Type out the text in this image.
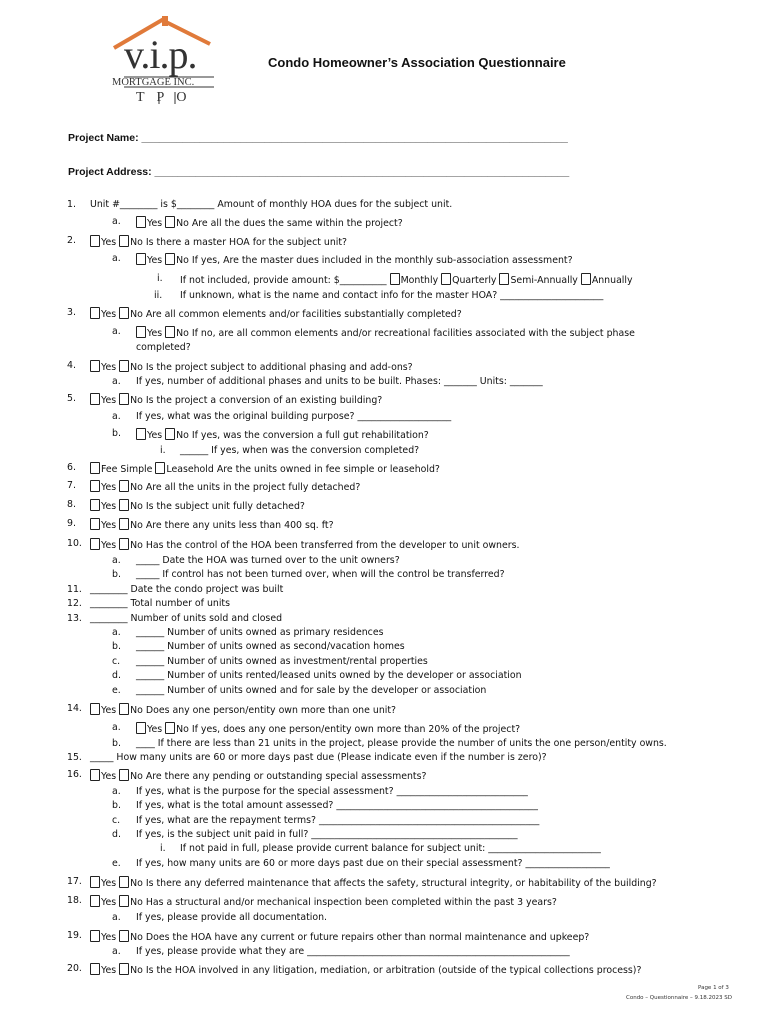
v.i.p.
MORTGAGE INC.
TPO
Condo Homeowner’s Association Questionnaire
Project Name: _________________________________________________________________________
Project Address: _______________________________________________________________________
1. Unit #________ is $________ Amount of monthly HOA dues for the subject unit.
a.	Yes No Are all the dues the same within the project?
2.	Yes No Is there a master HOA for the subject unit?
a.	Yes No If yes, Are the master dues included in the monthly sub-association assessment?
i. If not included, provide amount: $__________ Monthly Quarterly Semi-Annually Annually
ii. If unknown, what is the name and contact info for the master HOA? ______________________
3.	Yes No Are all common elements and/or facilities substantially completed?
a.	Yes No If no, are all common elements and/or recreational facilities associated with the subject phase
completed?
4.	Yes No Is the project subject to additional phasing and add-ons?
a. If yes, number of additional phases and units to be built. Phases: _______ Units: _______
5.	Yes No Is the project a conversion of an existing building?
a. If yes, what was the original building purpose? ____________________
b.	Yes No If yes, was the conversion a full gut rehabilitation?
i. ______ If yes, when was the conversion completed?
6.	Fee Simple Leasehold Are the units owned in fee simple or leasehold?
7.	Yes No Are all the units in the project fully detached?
8.	Yes No Is the subject unit fully detached?
9.	Yes No Are there any units less than 400 sq. ft?
10.	Yes No Has the control of the HOA been transferred from the developer to unit owners.
a. _____ Date the HOA was turned over to the unit owners?
b. _____ If control has not been turned over, when will the control be transferred?
11. ________ Date the condo project was built
12. ________ Total number of units
13. ________ Number of units sold and closed
a. ______ Number of units owned as primary residences
b. ______ Number of units owned as second/vacation homes
c. ______ Number of units owned as investment/rental properties
d. ______ Number of units rented/leased units owned by the developer or association
e. ______ Number of units owned and for sale by the developer or association
14.	Yes No Does any one person/entity own more than one unit?
a.	Yes No If yes, does any one person/entity own more than 20% of the project?
b. ____ If there are less than 21 units in the project, please provide the number of units the one person/entity owns.
15. _____ How many units are 60 or more days past due (Please indicate even if the number is zero)?
16.	Yes No Are there any pending or outstanding special assessments?
a. If yes, what is the purpose for the special assessment? ____________________________
b. If yes, what is the total amount assessed? ___________________________________________
c. If yes, what are the repayment terms? _______________________________________________
d. If yes, is the subject unit paid in full? ____________________________________________
i. If not paid in full, please provide current balance for subject unit: ________________________
e. If yes, how many units are 60 or more days past due on their special assessment? __________________
17.	Yes No Is there any deferred maintenance that affects the safety, structural integrity, or habitability of the building?
18.	Yes No Has a structural and/or mechanical inspection been completed within the past 3 years?
a. If yes, please provide all documentation.
19.	Yes No Does the HOA have any current or future repairs other than normal maintenance and upkeep?
a. If yes, please provide what they are ________________________________________________________
20.	Yes No Is the HOA involved in any litigation, mediation, or arbitration (outside of the typical collections process)?
Page 1 of 3
Condo – Questionnaire – 9.18.2023 SD
